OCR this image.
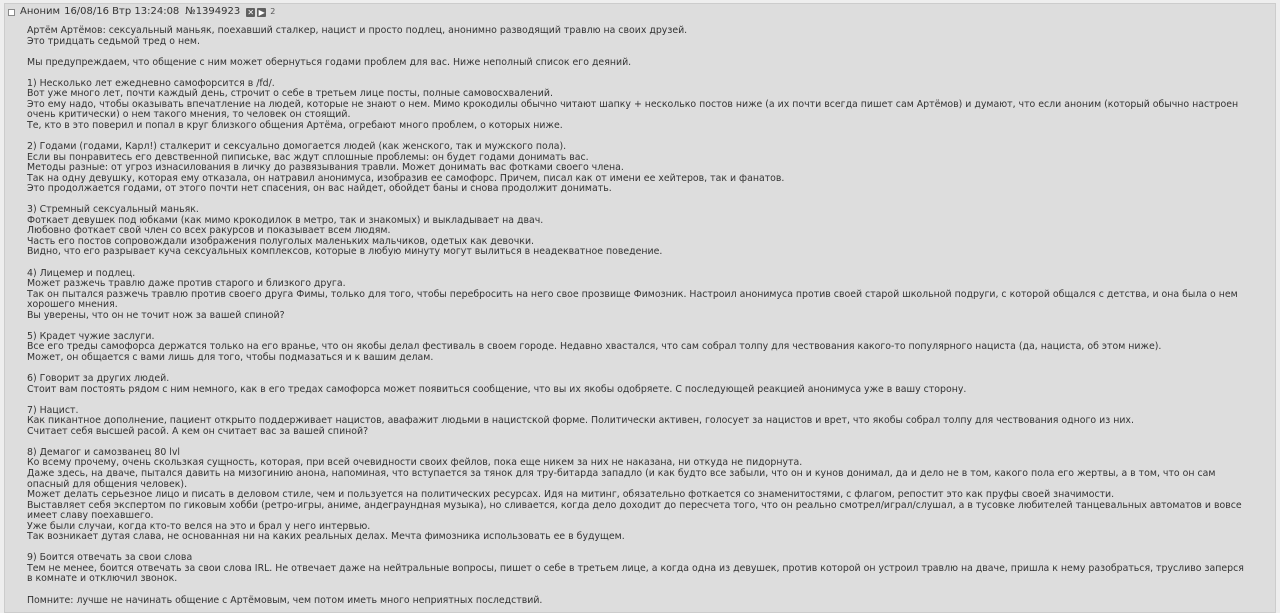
Аноним 16/08/16 Втр 13:24:08 №1394923 ✕ ▶ 2
Артём Артёмов: сексуальный маньяк, поехавший сталкер, нацист и просто подлец, анонимно разводящий травлю на своих друзей.
Это тридцать седьмой тред о нем.
Мы предупреждаем, что общение с ним может обернуться годами проблем для вас. Ниже неполный список его деяний.
1) Несколько лет ежедневно самофорсится в /fd/.
Вот уже много лет, почти каждый день, строчит о себе в третьем лице посты, полные самовосхвалений.
Это ему надо, чтобы оказывать впечатление на людей, которые не знают о нем. Мимо крокодилы обычно читают шапку + несколько постов ниже (а их почти всегда пишет сам Артёмов) и думают, что если аноним (который обычно настроен очень критически) о нем такого мнения, то человек он стоящий.
Те, кто в это поверил и попал в круг близкого общения Артёма, огребают много проблем, о которых ниже.
2) Годами (годами, Карл!) сталкерит и сексуально домогается людей (как женского, так и мужского пола).
Если вы понравитесь его девственной пипиське, вас ждут сплошные проблемы: он будет годами донимать вас.
Методы разные: от угроз изнасилования в личку до развязывания травли. Может донимать вас фотками своего члена.
Так на одну девушку, которая ему отказала, он натравил анонимуса, изобразив ее самофорс. Причем, писал как от имени ее хейтеров, так и фанатов.
Это продолжается годами, от этого почти нет спасения, он вас найдет, обойдет баны и снова продолжит донимать.
3) Стремный сексуальный маньяк.
Фоткает девушек под юбками (как мимо крокодилок в метро, так и знакомых) и выкладывает на двач.
Любовно фоткает свой член со всех ракурсов и показывает всем людям.
Часть его постов сопровождали изображения полуголых маленьких мальчиков, одетых как девочки.
Видно, что его разрывает куча сексуальных комплексов, которые в любую минуту могут вылиться в неадекватное поведение.
4) Лицемер и подлец.
Может разжечь травлю даже против старого и близкого друга.
Так он пытался разжечь травлю против своего друга Фимы, только для того, чтобы перебросить на него свое прозвище Фимозник. Настроил анонимуса против своей старой школьной подруги, с которой общался с детства, и она была о нем хорошего мнения.
Вы уверены, что он не точит нож за вашей спиной?
5) Крадет чужие заслуги.
Все его треды самофорса держатся только на его вранье, что он якобы делал фестиваль в своем городе. Недавно хвастался, что сам собрал толпу для чествования какого-то популярного нациста (да, нациста, об этом ниже).
Может, он общается с вами лишь для того, чтобы подмазаться и к вашим делам.
6) Говорит за других людей.
Стоит вам постоять рядом с ним немного, как в его тредах самофорса может появиться сообщение, что вы их якобы одобряете. С последующей реакцией анонимуса уже в вашу сторону.
7) Нацист.
Как пикантное дополнение, пациент открыто поддерживает нацистов, авафажит людьми в нацистской форме. Политически активен, голосует за нацистов и врет, что якобы собрал толпу для чествования одного из них.
Считает себя высшей расой. А кем он считает вас за вашей спиной?
8) Демагог и самозванец 80 lvl
Ко всему прочему, очень скользкая сущность, которая, при всей очевидности своих фейлов, пока еще никем за них не наказана, ни откуда не пидорнута.
Даже здесь, на дваче, пытался давить на мизогинию анона, напоминая, что вступается за тянок для тру-битарда западло (и как будто все забыли, что он и кунов донимал, да и дело не в том, какого пола его жертвы, а в том, что он сам опасный для общения человек).
Может делать серьезное лицо и писать в деловом стиле, чем и пользуется на политических ресурсах. Идя на митинг, обязательно фоткается со знаменитостями, с флагом, репостит это как пруфы своей значимости.
Выставляет себя экспертом по гиковым хобби (ретро-игры, аниме, андеграундная музыка), но сливается, когда дело доходит до пересчета того, что он реально смотрел/играл/слушал, а в тусовке любителей танцевальных автоматов и вовсе имеет славу поехавшего.
Уже были случаи, когда кто-то велся на это и брал у него интервью.
Так возникает дутая слава, не основанная ни на каких реальных делах. Мечта фимозника использовать ее в будущем.
9) Боится отвечать за свои слова
Тем не менее, боится отвечать за свои слова IRL. Не отвечает даже на нейтральные вопросы, пишет о себе в третьем лице, а когда одна из девушек, против которой он устроил травлю на дваче, пришла к нему разобраться, трусливо заперся в комнате и отключил звонок.
Помните: лучше не начинать общение с Артёмовым, чем потом иметь много неприятных последствий.
